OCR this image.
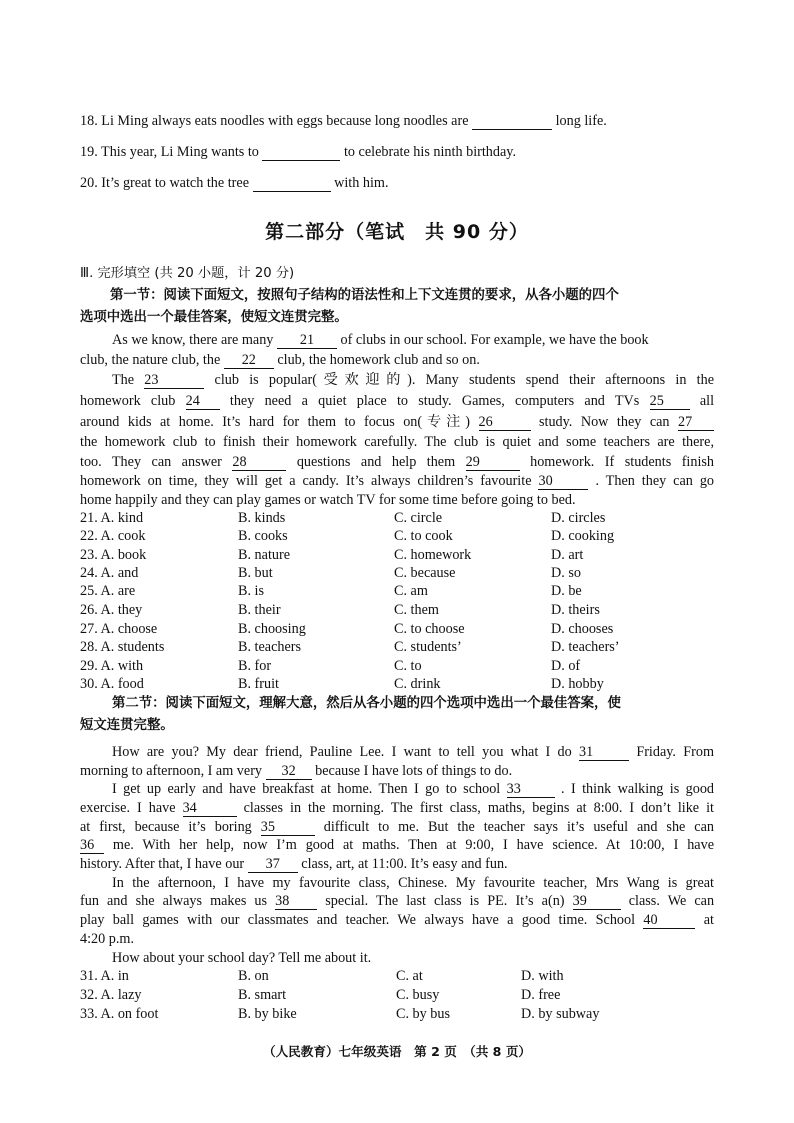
18. Li Ming always eats noodles with eggs because long noodles are	long life.
19. This year, Li Ming wants to	to celebrate his ninth birthday.
20. It’s great to watch the tree	with him.
第二部分（笔试　共 90 分）
Ⅲ. 完形填空 (共 20 小题，计 20 分)
第一节：阅读下面短文，按照句子结构的语法性和上下文连贯的要求，从各小题的四个
选项中选出一个最佳答案，使短文连贯完整。
As we know, there are many 21 of clubs in our school. For example, we have the book
club, the nature club, the 22 club, the homework club and so on.
The 23	club is popular(受欢迎的). Many students spend their afternoons in the
homework club 24 they need a quiet place to study. Games, computers and TVs 25	all
around kids at home. It’s hard for them to focus on(专注) 26	study. Now they can 27
the homework club to finish their homework carefully. The club is quiet and some teachers are there,
too. They can answer 28	questions and help them 29	homework. If students finish
homework on time, they will get a candy. It’s always children’s favourite 30	. Then they can go
home happily and they can play games or watch TV for some time before going to bed.
21. A. kind	B. kinds	C. circle	D. circles
22. A. cook	B. cooks	C. to cook	D. cooking
23. A. book	B. nature	C. homework	D. art
24. A. and	B. but	C. because	D. so
25. A. are	B. is	C. am	D. be
26. A. they	B. their	C. them	D. theirs
27. A. choose	B. choosing	C. to choose	D. chooses
28. A. students	B. teachers	C. students’	D. teachers’
29. A. with	B. for	C. to	D. of
30. A. food	B. fruit	C. drink	D. hobby
第二节：阅读下面短文，理解大意，然后从各小题的四个选项中选出一个最佳答案，使
短文连贯完整。
How are you? My dear friend, Pauline Lee. I want to tell you what I do 31	Friday. From
morning to afternoon, I am very 32 because I have lots of things to do.
I get up early and have breakfast at home. Then I go to school 33	. I think walking is good
exercise. I have 34	classes in the morning. The first class, maths, begins at 8:00. I don’t like it
at first, because it’s boring 35	difficult to me. But the teacher says it’s useful and she can
36 me. With her help, now I’m good at maths. Then at 9:00, I have science. At 10:00, I have
history. After that, I have our 37 class, art, at 11:00. It’s easy and fun.
In the afternoon, I have my favourite class, Chinese. My favourite teacher, Mrs Wang is great
fun and she always makes us 38	special. The last class is PE. It’s a(n) 39	class. We can
play ball games with our classmates and teacher. We always have a good time. School 40	at
4:20 p.m.
How about your school day? Tell me about it.
31. A. in	B. on	C. at	D. with
32. A. lazy	B. smart	C. busy	D. free
33. A. on foot	B. by bike	C. by bus	D. by subway
（人民教育）七年级英语　第 2 页　（共 8 页）
